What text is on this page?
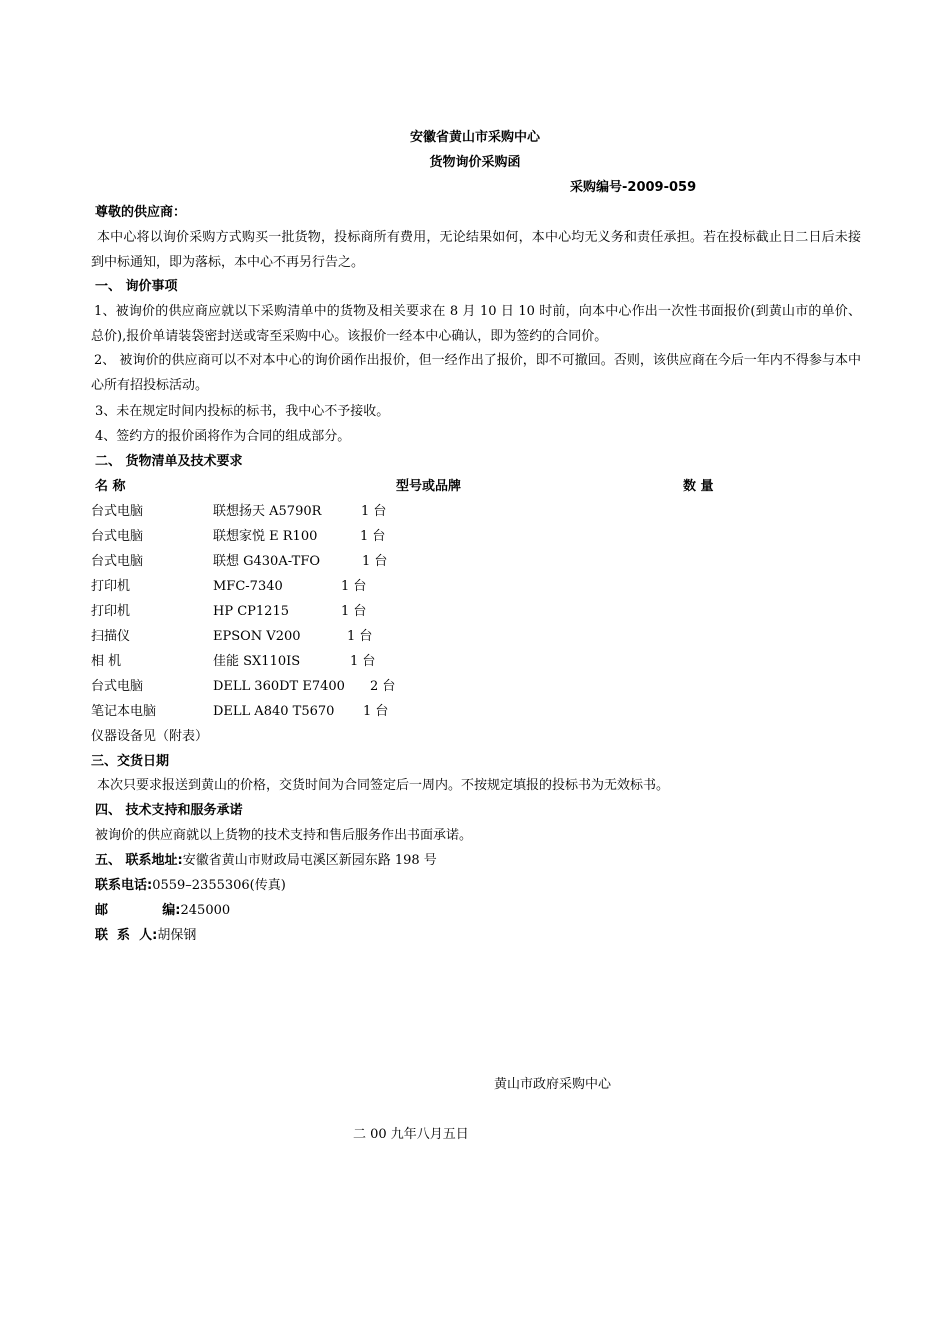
安徽省黄山市采购中心
货物询价采购函
采购编号-2009-059
尊敬的供应商：
本中心将以询价采购方式购买一批货物，投标商所有费用，无论结果如何，本中心均无义务和责任承担。若在投标截止日二日后未接到中标通知，即为落标，本中心不再另行告之。
一、 询价事项
1、被询价的供应商应就以下采购清单中的货物及相关要求在 8 月 10 日 10 时前，向本中心作出一次性书面报价(到黄山市的单价、总价),报价单请装袋密封送或寄至采购中心。该报价一经本中心确认，即为签约的合同价。
2、 被询价的供应商可以不对本中心的询价函作出报价，但一经作出了报价，即不可撤回。否则，该供应商在今后一年内不得参与本中心所有招投标活动。
3、未在规定时间内投标的标书，我中心不予接收。
4、签约方的报价函将作为合同的组成部分。
二、 货物清单及技术要求
名 称	型号或品牌	数 量
台式电脑	联想扬天 A5790R	1 台
台式电脑	联想家悦 E R100	1 台
台式电脑	联想 G430A-TFO	1 台
打印机	MFC-7340	1 台
打印机	HP CP1215	1 台
扫描仪	EPSON V200	1 台
相 机	佳能 SX110IS	1 台
台式电脑	DELL 360DT E7400 2 台
笔记本电脑	DELL A840 T5670 1 台
仪器设备见（附表）
三、交货日期
本次只要求报送到黄山的价格，交货时间为合同签定后一周内。不按规定填报的投标书为无效标书。
四、 技术支持和服务承诺
被询价的供应商就以上货物的技术支持和售后服务作出书面承诺。
五、 联系地址:安徽省黄山市财政局屯溪区新园东路 198 号
联系电话:0559–2355306(传真)
邮            编:245000
联  系  人:胡保钢
黄山市政府采购中心
二 00 九年八月五日
